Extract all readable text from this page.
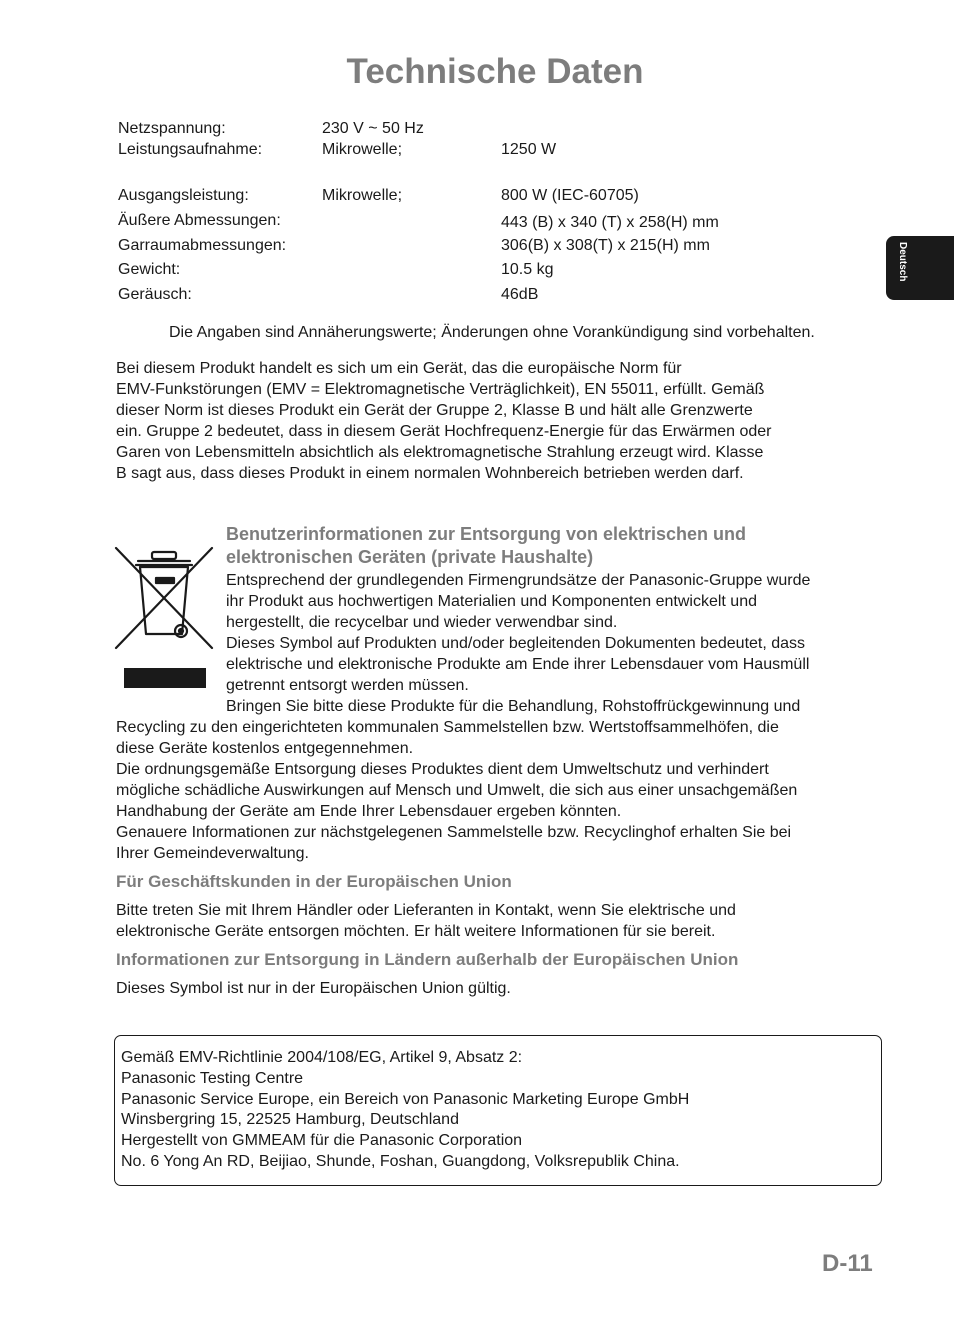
Technische Daten
Deutsch
Netzspannung:	230 V ~ 50 Hz
Leistungsaufnahme:	Mikrowelle;	1250 W
Ausgangsleistung:	Mikrowelle;	800 W (IEC-60705)
Äußere Abmessungen:	443 (B) x 340 (T) x 258(H) mm
Garraumabmessungen:	306(B) x 308(T) x 215(H) mm
Gewicht:	10.5 kg
Geräusch:	46dB
Die Angaben sind Annäherungswerte; Änderungen ohne Vorankündigung sind vorbehalten.
Bei diesem Produkt handelt es sich um ein Gerät, das die europäische Norm für
EMV-Funkstörungen (EMV = Elektromagnetische Verträglichkeit), EN 55011, erfüllt. Gemäß
dieser Norm ist dieses Produkt ein Gerät der Gruppe 2, Klasse B und hält alle Grenzwerte
ein. Gruppe 2 bedeutet, dass in diesem Gerät Hochfrequenz-Energie für das Erwärmen oder
Garen von Lebensmitteln absichtlich als elektromagnetische Strahlung erzeugt wird. Klasse
B sagt aus, dass dieses Produkt in einem normalen Wohnbereich betrieben werden darf.
Benutzerinformationen zur Entsorgung von elektrischen und
elektronischen Geräten (private Haushalte)
Entsprechend der grundlegenden Firmengrundsätze der Panasonic-Gruppe wurde
ihr Produkt aus hochwertigen Materialien und Komponenten entwickelt und
hergestellt, die recycelbar und wieder verwendbar sind.
Dieses Symbol auf Produkten und/oder begleitenden Dokumenten bedeutet, dass
elektrische und elektronische Produkte am Ende ihrer Lebensdauer vom Hausmüll
getrennt entsorgt werden müssen.
Bringen Sie bitte diese Produkte für die Behandlung, Rohstoffrückgewinnung und
Recycling zu den eingerichteten kommunalen Sammelstellen bzw. Wertstoffsammelhöfen, die
diese Geräte kostenlos entgegennehmen.
Die ordnungsgemäße Entsorgung dieses Produktes dient dem Umweltschutz und verhindert
mögliche schädliche Auswirkungen auf Mensch und Umwelt, die sich aus einer unsachgemäßen
Handhabung der Geräte am Ende Ihrer Lebensdauer ergeben könnten.
Genauere Informationen zur nächstgelegenen Sammelstelle bzw. Recyclinghof erhalten Sie bei
Ihrer Gemeindeverwaltung.
Für Geschäftskunden in der Europäischen Union
Bitte treten Sie mit Ihrem Händler oder Lieferanten in Kontakt, wenn Sie elektrische und
elektronische Geräte entsorgen möchten. Er hält weitere Informationen für sie bereit.
Informationen zur Entsorgung in Ländern außerhalb der Europäischen Union
Dieses Symbol ist nur in der Europäischen Union gültig.
Gemäß EMV-Richtlinie 2004/108/EG, Artikel 9, Absatz 2:
Panasonic Testing Centre
Panasonic Service Europe, ein Bereich von Panasonic Marketing Europe GmbH
Winsbergring 15, 22525 Hamburg, Deutschland
Hergestellt von GMMEAM für die Panasonic Corporation
No. 6 Yong An RD, Beijiao, Shunde, Foshan, Guangdong, Volksrepublik China.
D-11
